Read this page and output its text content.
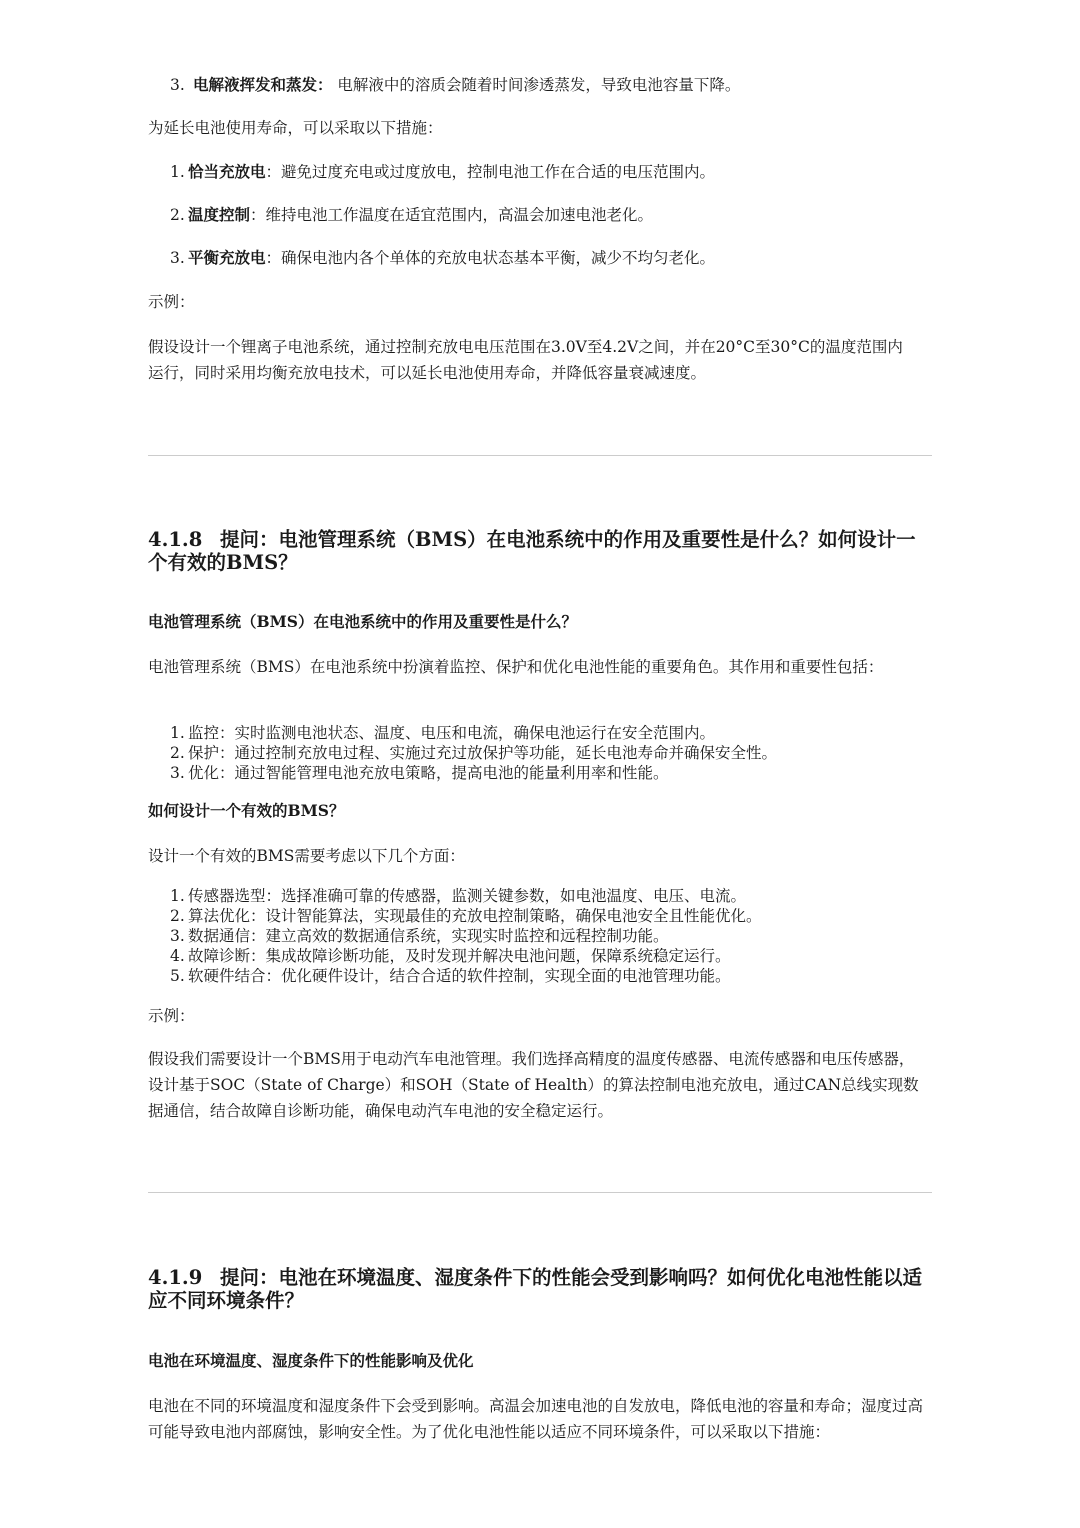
3. 电解液挥发和蒸发： 电解液中的溶质会随着时间渗透蒸发，导致电池容量下降。
为延长电池使用寿命，可以采取以下措施：
1. 恰当充放电：避免过度充电或过度放电，控制电池工作在合适的电压范围内。
2. 温度控制：维持电池工作温度在适宜范围内，高温会加速电池老化。
3. 平衡充放电：确保电池内各个单体的充放电状态基本平衡，减少不均匀老化。
示例：
假设设计一个锂离子电池系统，通过控制充放电电压范围在3.0V至4.2V之间，并在20°C至30°C的温度范围内运行，同时采用均衡充放电技术，可以延长电池使用寿命，并降低容量衰减速度。
4.1.8 提问：电池管理系统（BMS）在电池系统中的作用及重要性是什么？如何设计一个有效的BMS？
电池管理系统（BMS）在电池系统中的作用及重要性是什么？
电池管理系统（BMS）在电池系统中扮演着监控、保护和优化电池性能的重要角色。其作用和重要性包括：
1. 监控：实时监测电池状态、温度、电压和电流，确保电池运行在安全范围内。
2. 保护：通过控制充放电过程、实施过充过放保护等功能，延长电池寿命并确保安全性。
3. 优化：通过智能管理电池充放电策略，提高电池的能量利用率和性能。
如何设计一个有效的BMS？
设计一个有效的BMS需要考虑以下几个方面：
1. 传感器选型：选择准确可靠的传感器，监测关键参数，如电池温度、电压、电流。
2. 算法优化：设计智能算法，实现最佳的充放电控制策略，确保电池安全且性能优化。
3. 数据通信：建立高效的数据通信系统，实现实时监控和远程控制功能。
4. 故障诊断：集成故障诊断功能，及时发现并解决电池问题，保障系统稳定运行。
5. 软硬件结合：优化硬件设计，结合合适的软件控制，实现全面的电池管理功能。
示例：
假设我们需要设计一个BMS用于电动汽车电池管理。我们选择高精度的温度传感器、电流传感器和电压传感器，设计基于SOC（State of Charge）和SOH（State of Health）的算法控制电池充放电，通过CAN总线实现数据通信，结合故障自诊断功能，确保电动汽车电池的安全稳定运行。
4.1.9 提问：电池在环境温度、湿度条件下的性能会受到影响吗？如何优化电池性能以适应不同环境条件？
电池在环境温度、湿度条件下的性能影响及优化
电池在不同的环境温度和湿度条件下会受到影响。高温会加速电池的自发放电，降低电池的容量和寿命；湿度过高可能导致电池内部腐蚀，影响安全性。为了优化电池性能以适应不同环境条件，可以采取以下措施：
